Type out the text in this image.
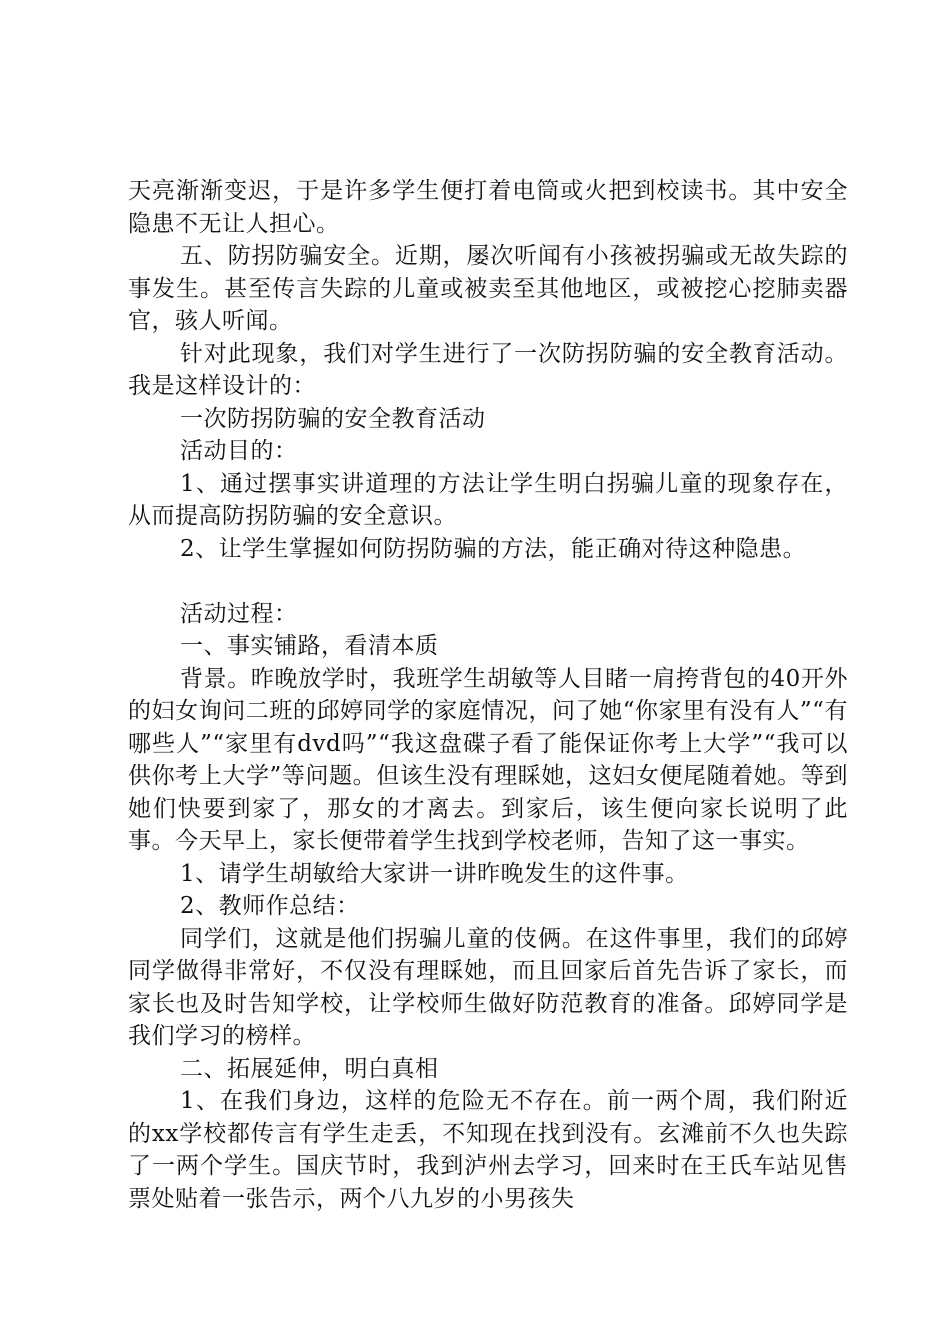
天亮渐渐变迟，于是许多学生便打着电筒或火把到校读书。其中安全隐患不无让人担心。

五、防拐防骗安全。近期，屡次听闻有小孩被拐骗或无故失踪的事发生。甚至传言失踪的儿童或被卖至其他地区，或被挖心挖肺卖器官，骇人听闻。

针对此现象，我们对学生进行了一次防拐防骗的安全教育活动。我是这样设计的：

一次防拐防骗的安全教育活动

活动目的：

1、通过摆事实讲道理的方法让学生明白拐骗儿童的现象存在，从而提高防拐防骗的安全意识。

2、让学生掌握如何防拐防骗的方法，能正确对待这种隐患。

活动过程：

一、事实铺路，看清本质

背景。昨晚放学时，我班学生胡敏等人目睹一肩挎背包的40开外的妇女询问二班的邱婷同学的家庭情况，问了她“你家里有没有人”“有哪些人”“家里有dvd吗”“我这盘碟子看了能保证你考上大学”“我可以供你考上大学”等问题。但该生没有理睬她，这妇女便尾随着她。等到她们快要到家了，那女的才离去。到家后，该生便向家长说明了此事。今天早上，家长便带着学生找到学校老师，告知了这一事实。

1、请学生胡敏给大家讲一讲昨晚发生的这件事。

2、教师作总结：

同学们，这就是他们拐骗儿童的伎俩。在这件事里，我们的邱婷同学做得非常好，不仅没有理睬她，而且回家后首先告诉了家长，而家长也及时告知学校，让学校师生做好防范教育的准备。邱婷同学是我们学习的榜样。

二、拓展延伸，明白真相

1、在我们身边，这样的危险无不存在。前一两个周，我们附近的xx学校都传言有学生走丢，不知现在找到没有。玄滩前不久也失踪了一两个学生。国庆节时，我到泸州去学习，回来时在王氏车站见售票处贴着一张告示，两个八九岁的小男孩失
